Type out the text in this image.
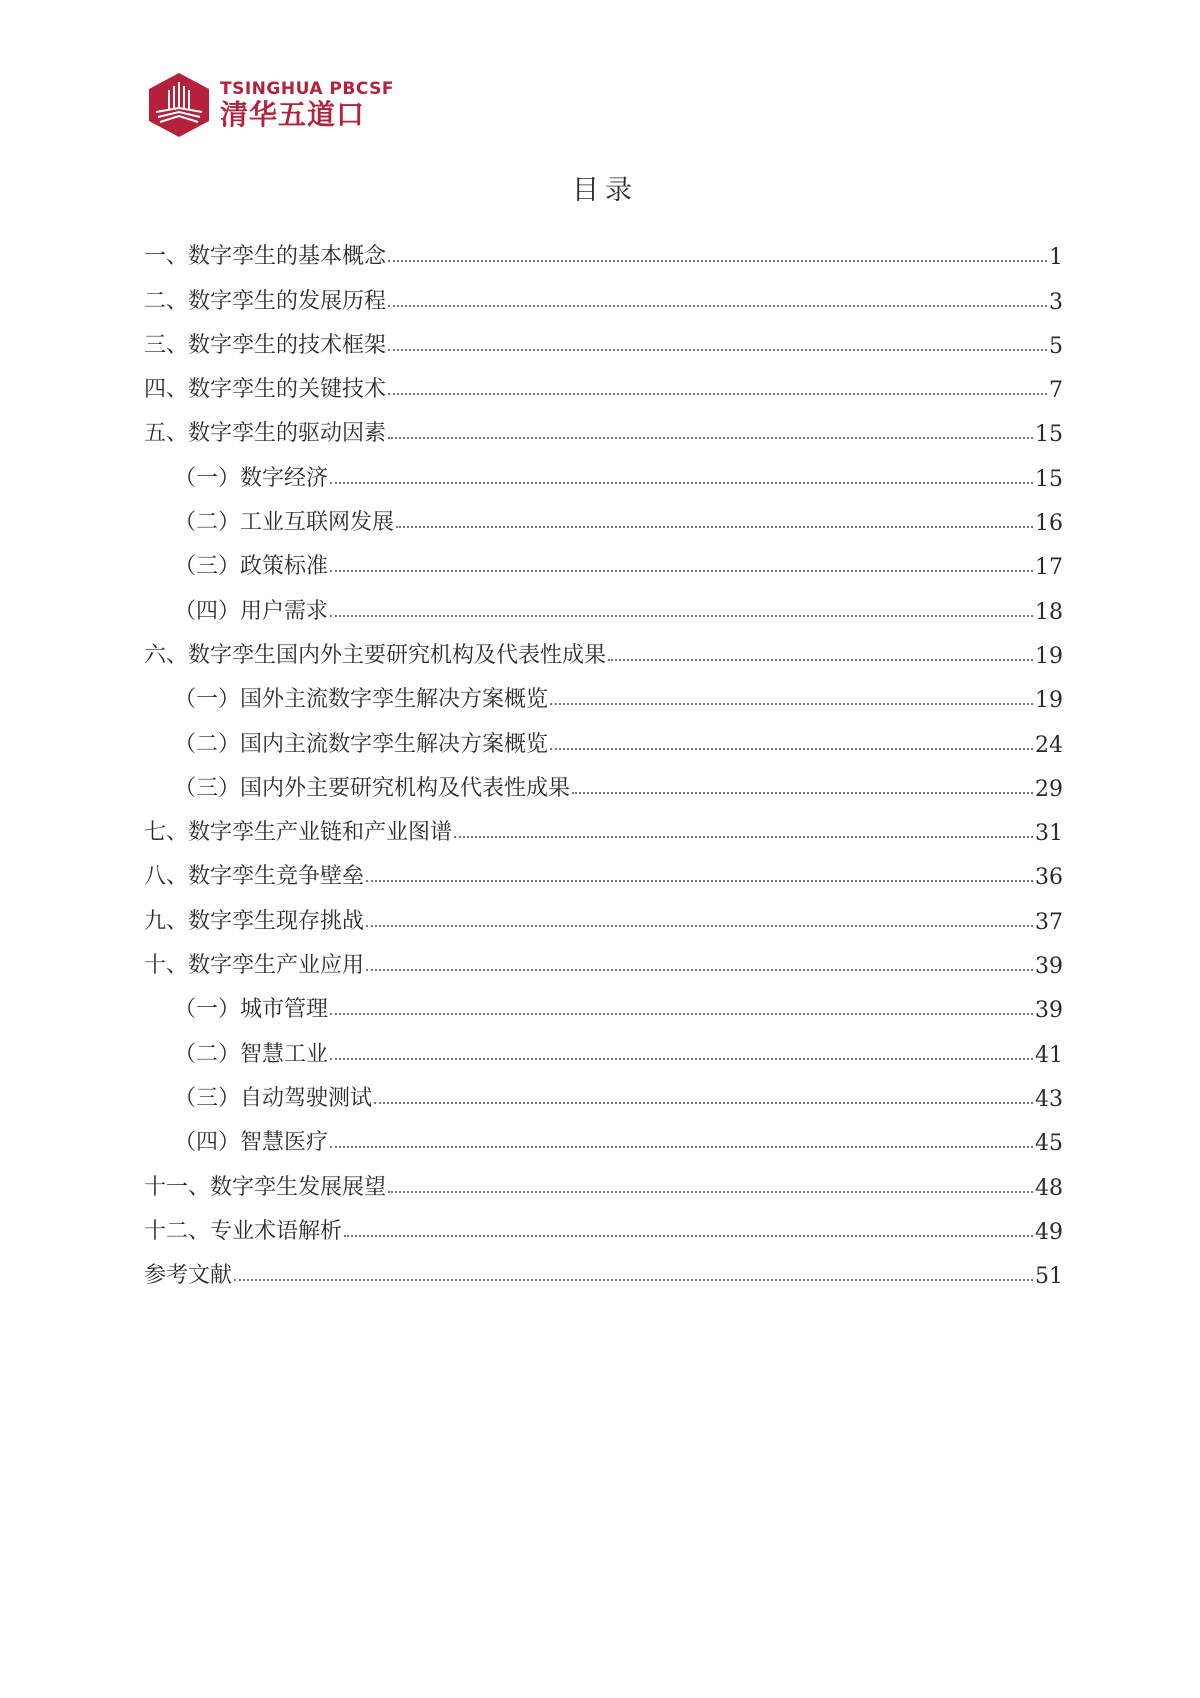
TSINGHUA PBCSF
清华五道口
目录
一、数字孪生的基本概念	1
二、数字孪生的发展历程	3
三、数字孪生的技术框架	5
四、数字孪生的关键技术	7
五、数字孪生的驱动因素	15
（一）数字经济	15
（二）工业互联网发展	16
（三）政策标准	17
（四）用户需求	18
六、数字孪生国内外主要研究机构及代表性成果	19
（一）国外主流数字孪生解决方案概览	19
（二）国内主流数字孪生解决方案概览	24
（三）国内外主要研究机构及代表性成果	29
七、数字孪生产业链和产业图谱	31
八、数字孪生竞争壁垒	36
九、数字孪生现存挑战	37
十、数字孪生产业应用	39
（一）城市管理	39
（二）智慧工业	41
（三）自动驾驶测试	43
（四）智慧医疗	45
十一、数字孪生发展展望	48
十二、专业术语解析	49
参考文献	51
